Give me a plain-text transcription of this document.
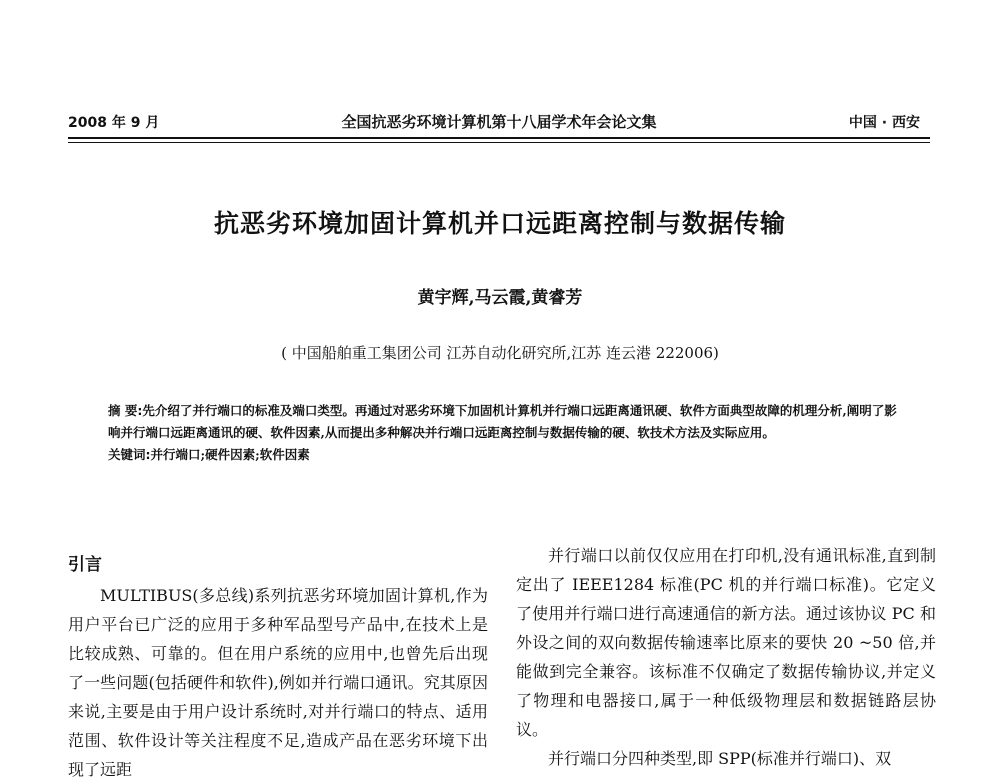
2008 年 9 月	全国抗恶劣环境计算机第十八届学术年会论文集	中国 · 西安
抗恶劣环境加固计算机并口远距离控制与数据传输
黄宇辉,马云霞,黄睿芳
( 中国船舶重工集团公司 江苏自动化研究所,江苏 连云港 222006)

摘 要:先介绍了并行端口的标准及端口类型。再通过对恶劣环境下加固机计算机并行端口远距离通讯硬、软件方面典型故障的机理分析,阐明了影响并行端口远距离通讯的硬、软件因素,从而提出多种解决并行端口远距离控制与数据传输的硬、软技术方法及实际应用。

关键词:并行端口;硬件因素;软件因素

引言

MULTIBUS(多总线)系列抗恶劣环境加固计算机,作为用户平台已广泛的应用于多种军品型号产品中,在技术上是比较成熟、可靠的。但在用户系统的应用中,也曾先后出现了一些问题(包括硬件和软件),例如并行端口通讯。究其原因来说,主要是由于用户设计系统时,对并行端口的特点、适用范围、软件设计等关注程度不足,造成产品在恶劣环境下出现了远距

并行端口以前仅仅应用在打印机,没有通讯标准,直到制定出了 IEEE1284 标准(PC 机的并行端口标准)。它定义了使用并行端口进行高速通信的新方法。通过该协议 PC 和外设之间的双向数据传输速率比原来的要快 20 ~50 倍,并能做到完全兼容。该标准不仅确定了数据传输协议,并定义了物理和电器接口,属于一种低级物理层和数据链路层协议。

并行端口分四种类型,即 SPP(标准并行端口)、双
